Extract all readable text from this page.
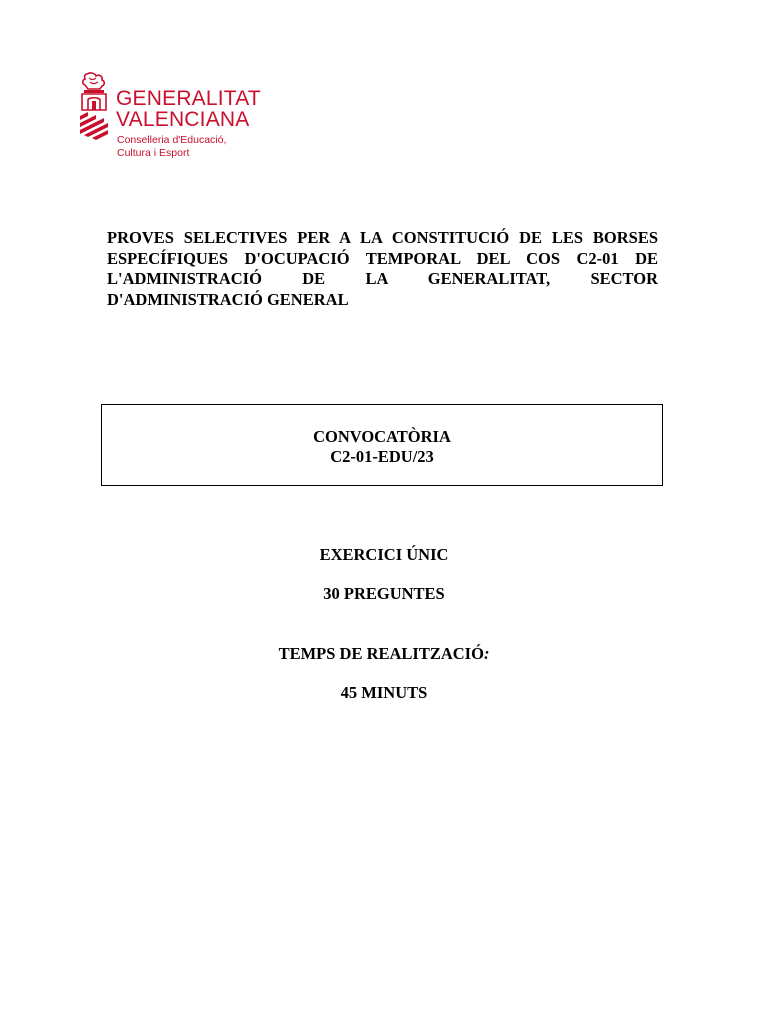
GENERALITAT
VALENCIANA
Conselleria d'Educació,
Cultura i Esport

PROVES SELECTIVES PER A LA CONSTITUCIÓ DE LES BORSES ESPECÍFIQUES D'OCUPACIÓ TEMPORAL DEL COS C2-01 DE L'ADMINISTRACIÓ DE LA GENERALITAT, SECTOR D'ADMINISTRACIÓ GENERAL

CONVOCATÒRIA
C2-01-EDU/23
EXERCICI ÚNIC
30 PREGUNTES
TEMPS DE REALITZACIÓ:
45 MINUTS
